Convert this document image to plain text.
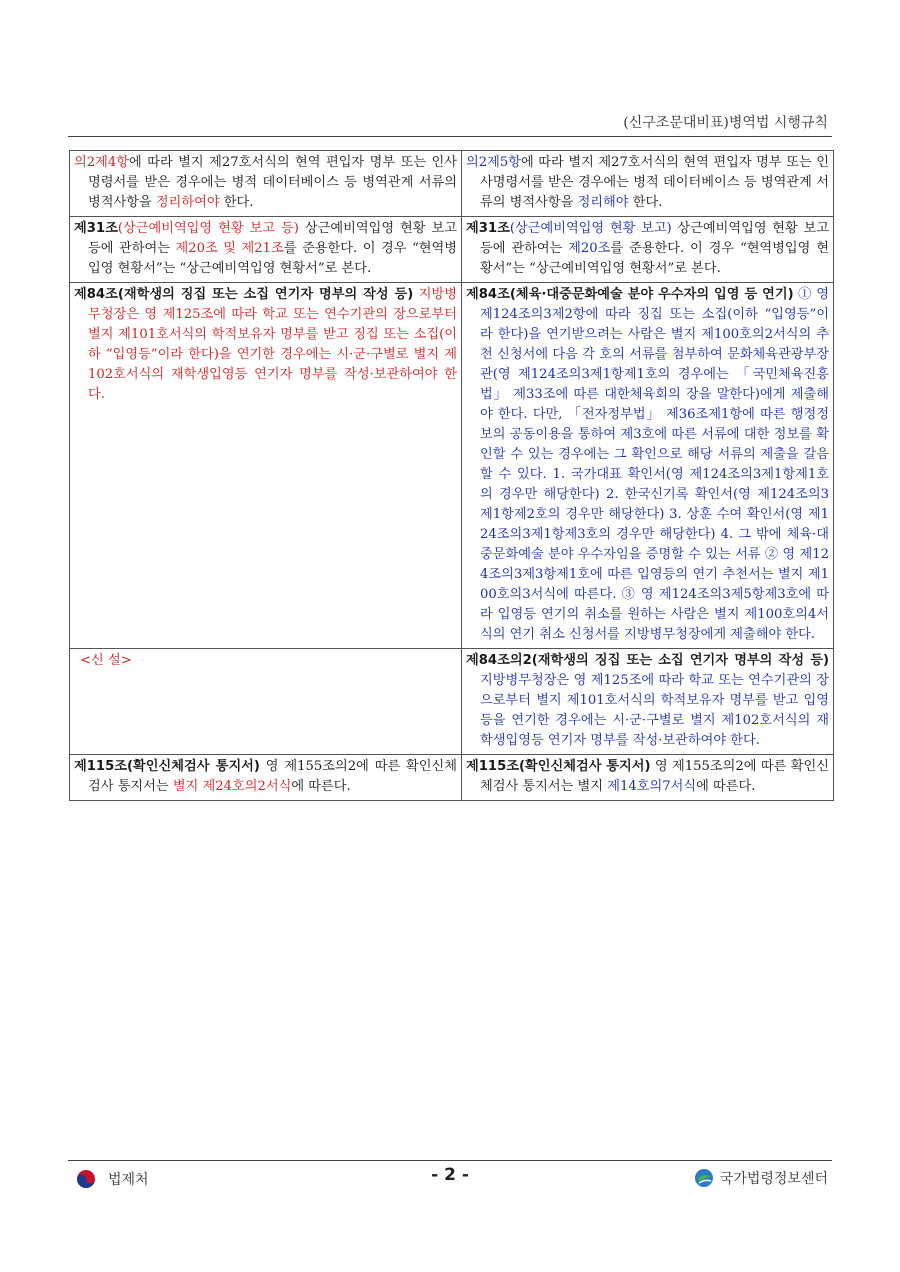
(신구조문대비표)병역법 시행규칙
의2제4항에 따라 별지 제27호서식의 현역 편입자 명부 또는 인사명령서를 받은 경우에는 병적 데이터베이스 등 병역관계 서류의 병적사항을 정리하여야 한다.	의2제5항에 따라 별지 제27호서식의 현역 편입자 명부 또는 인사명령서를 받은 경우에는 병적 데이터베이스 등 병역관계 서류의 병적사항을 정리해야 한다.

제31조(상근예비역입영 현황 보고 등) 상근예비역입영 현황 보고 등에 관하여는 제20조 및 제21조를 준용한다. 이 경우 “현역병입영 현황서”는 “상근예비역입영 현황서”로 본다.	제31조(상근예비역입영 현황 보고) 상근예비역입영 현황 보고 등에 관하여는 제20조를 준용한다. 이 경우 “현역병입영 현황서”는 “상근예비역입영 현황서”로 본다.

제84조(재학생의 징집 또는 소집 연기자 명부의 작성 등) 지방병무청장은 영 제125조에 따라 학교 또는 연수기관의 장으로부터 별지 제101호서식의 학적보유자 명부를 받고 징집 또는 소집(이하 “입영등”이라 한다)을 연기한 경우에는 시·군·구별로 별지 제102호서식의 재학생입영등 연기자 명부를 작성·보관하여야 한다.	제84조(체육·대중문화예술 분야 우수자의 입영 등 연기) ① 영 제124조의3제2항에 따라 징집 또는 소집(이하 “입영등”이라 한다)을 연기받으려는 사람은 별지 제100호의2서식의 추천 신청서에 다음 각 호의 서류를 첨부하여 문화체육관광부장관(영 제124조의3제1항제1호의 경우에는 「국민체육진흥법」 제33조에 따른 대한체육회의 장을 말한다)에게 제출해야 한다. 다만, 「전자정부법」 제36조제1항에 따른 행정정보의 공동이용을 통하여 제3호에 따른 서류에 대한 정보를 확인할 수 있는 경우에는 그 확인으로 해당 서류의 제출을 갈음할 수 있다. 1. 국가대표 확인서(영 제124조의3제1항제1호의 경우만 해당한다) 2. 한국신기록 확인서(영 제124조의3제1항제2호의 경우만 해당한다) 3. 상훈 수여 확인서(영 제124조의3제1항제3호의 경우만 해당한다) 4. 그 밖에 체육·대중문화예술 분야 우수자임을 증명할 수 있는 서류 ② 영 제124조의3제3항제1호에 따른 입영등의 연기 추천서는 별지 제100호의3서식에 따른다. ③ 영 제124조의3제5항제3호에 따라 입영등 연기의 취소를 원하는 사람은 별지 제100호의4서식의 연기 취소 신청서를 지방병무청장에게 제출해야 한다.

<신 설>	제84조의2(재학생의 징집 또는 소집 연기자 명부의 작성 등) 지방병무청장은 영 제125조에 따라 학교 또는 연수기관의 장으로부터 별지 제101호서식의 학적보유자 명부를 받고 입영등을 연기한 경우에는 시·군·구별로 별지 제102호서식의 재학생입영등 연기자 명부를 작성·보관하여야 한다.

제115조(확인신체검사 통지서) 영 제155조의2에 따른 확인신체검사 통지서는 별지 제24호의2서식에 따른다.	제115조(확인신체검사 통지서) 영 제155조의2에 따른 확인신체검사 통지서는 별지 제14호의7서식에 따른다.
법제처	- 2 -	국가법령정보센터
